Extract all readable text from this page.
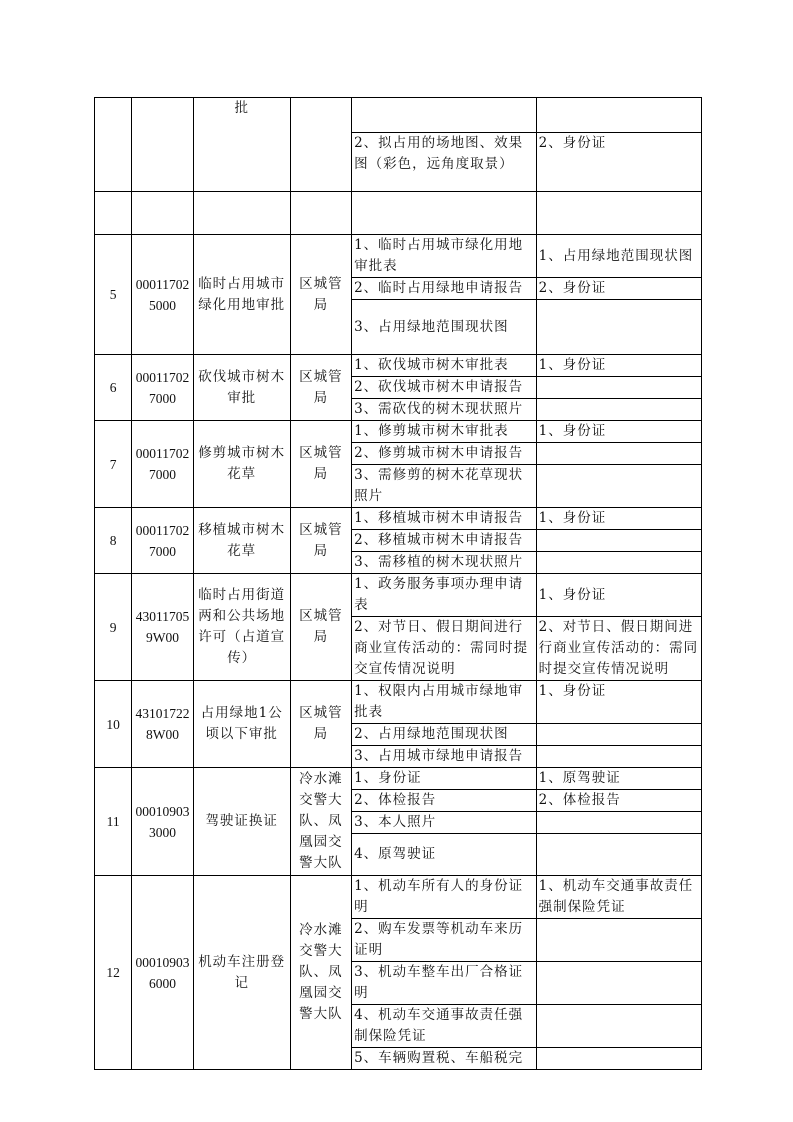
		批			
				2、拟占用的场地图、效果图（彩色，远角度取景）	2、身份证

5	000117025000	临时占用城市绿化用地审批	区城管局	1、临时占用城市绿化用地审批表	1、占用绿地范围现状图
				2、临时占用绿地申请报告	2、身份证
				3、占用绿地范围现状图	
6	000117027000	砍伐城市树木审批	区城管局	1、砍伐城市树木审批表	1、身份证
				2、砍伐城市树木申请报告	
				3、需砍伐的树木现状照片	
7	000117027000	修剪城市树木花草	区城管局	1、修剪城市树木审批表	1、身份证
				2、修剪城市树木申请报告	
				3、需修剪的树木花草现状照片	
8	000117027000	移植城市树木花草	区城管局	1、移植城市树木申请报告	1、身份证
				2、移植城市树木申请报告	
				3、需移植的树木现状照片	
9	430117059W00	临时占用街道两和公共场地许可（占道宣传）	区城管局	1、政务服务事项办理申请表	1、身份证
				2、对节日、假日期间进行商业宣传活动的：需同时提交宣传情况说明	2、对节日、假日期间进行商业宣传活动的：需同时提交宣传情况说明
10	431017228W00	占用绿地1公顷以下审批	区城管局	1、权限内占用城市绿地审批表	1、身份证
				2、占用绿地范围现状图	
				3、占用城市绿地申请报告	
11	000109033000	驾驶证换证	冷水滩交警大队、凤凰园交警大队	1、身份证	1、原驾驶证
				2、体检报告	2、体检报告
				3、本人照片	
				4、原驾驶证	
12	000109036000	机动车注册登记	冷水滩交警大队、凤凰园交警大队	1、机动车所有人的身份证明	1、机动车交通事故责任强制保险凭证
				2、购车发票等机动车来历证明	
				3、机动车整车出厂合格证明	
				4、机动车交通事故责任强制保险凭证	
				5、车辆购置税、车船税完	
